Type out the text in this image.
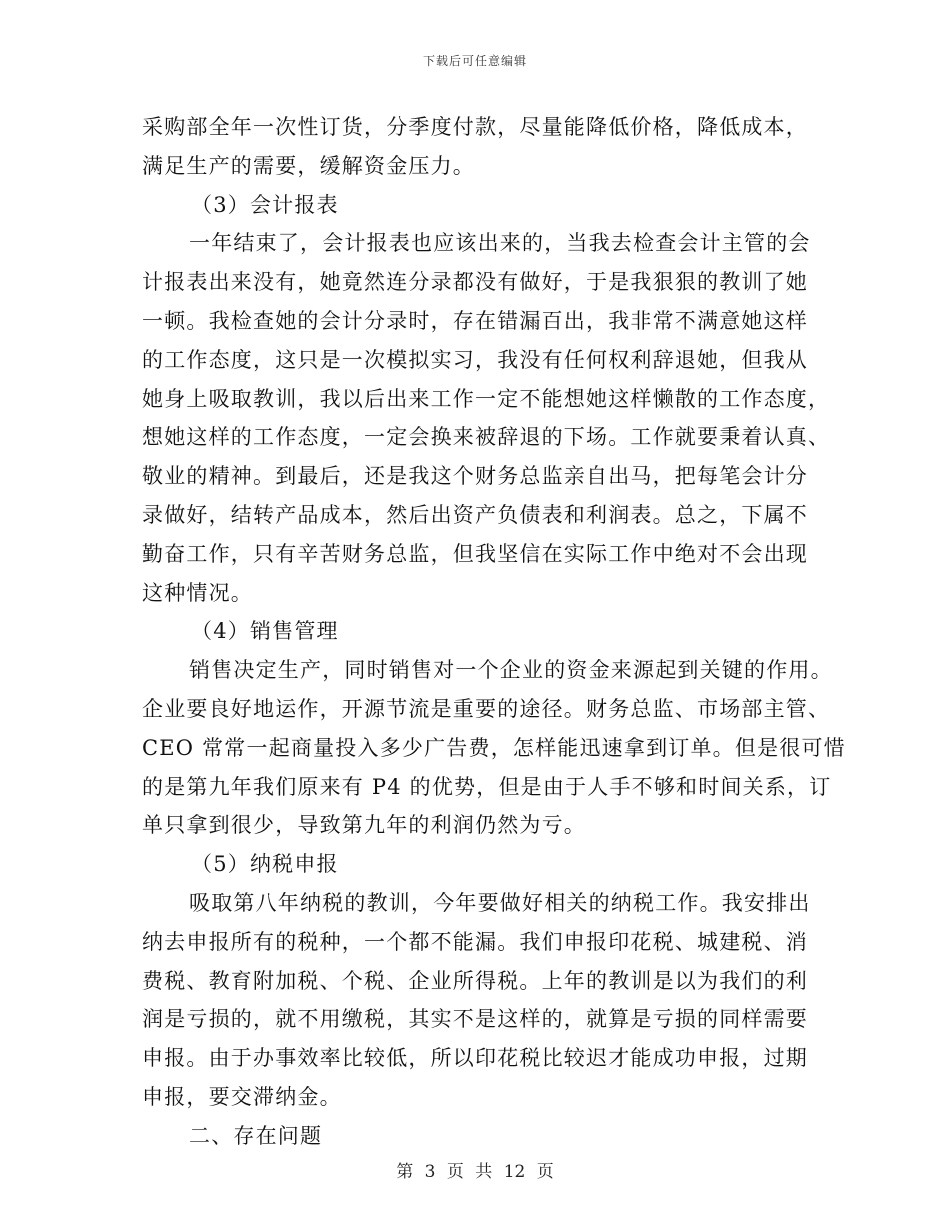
下载后可任意编辑
采购部全年一次性订货，分季度付款，尽量能降低价格，降低成本，
满足生产的需要，缓解资金压力。
（3）会计报表
一年结束了，会计报表也应该出来的，当我去检查会计主管的会
计报表出来没有，她竟然连分录都没有做好，于是我狠狠的教训了她
一顿。我检查她的会计分录时，存在错漏百出，我非常不满意她这样
的工作态度，这只是一次模拟实习，我没有任何权利辞退她，但我从
她身上吸取教训，我以后出来工作一定不能想她这样懒散的工作态度，
想她这样的工作态度，一定会换来被辞退的下场。工作就要秉着认真、
敬业的精神。到最后，还是我这个财务总监亲自出马，把每笔会计分
录做好，结转产品成本，然后出资产负债表和利润表。总之，下属不
勤奋工作，只有辛苦财务总监，但我坚信在实际工作中绝对不会出现
这种情况。
（4）销售管理
销售决定生产，同时销售对一个企业的资金来源起到关键的作用。
企业要良好地运作，开源节流是重要的途径。财务总监、市场部主管、
CEO 常常一起商量投入多少广告费，怎样能迅速拿到订单。但是很可惜
的是第九年我们原来有 P4 的优势，但是由于人手不够和时间关系，订
单只拿到很少，导致第九年的利润仍然为亏。
（5）纳税申报
吸取第八年纳税的教训，今年要做好相关的纳税工作。我安排出
纳去申报所有的税种，一个都不能漏。我们申报印花税、城建税、消
费税、教育附加税、个税、企业所得税。上年的教训是以为我们的利
润是亏损的，就不用缴税，其实不是这样的，就算是亏损的同样需要
申报。由于办事效率比较低，所以印花税比较迟才能成功申报，过期
申报，要交滞纳金。
二、存在问题
第 3 页 共 12 页
